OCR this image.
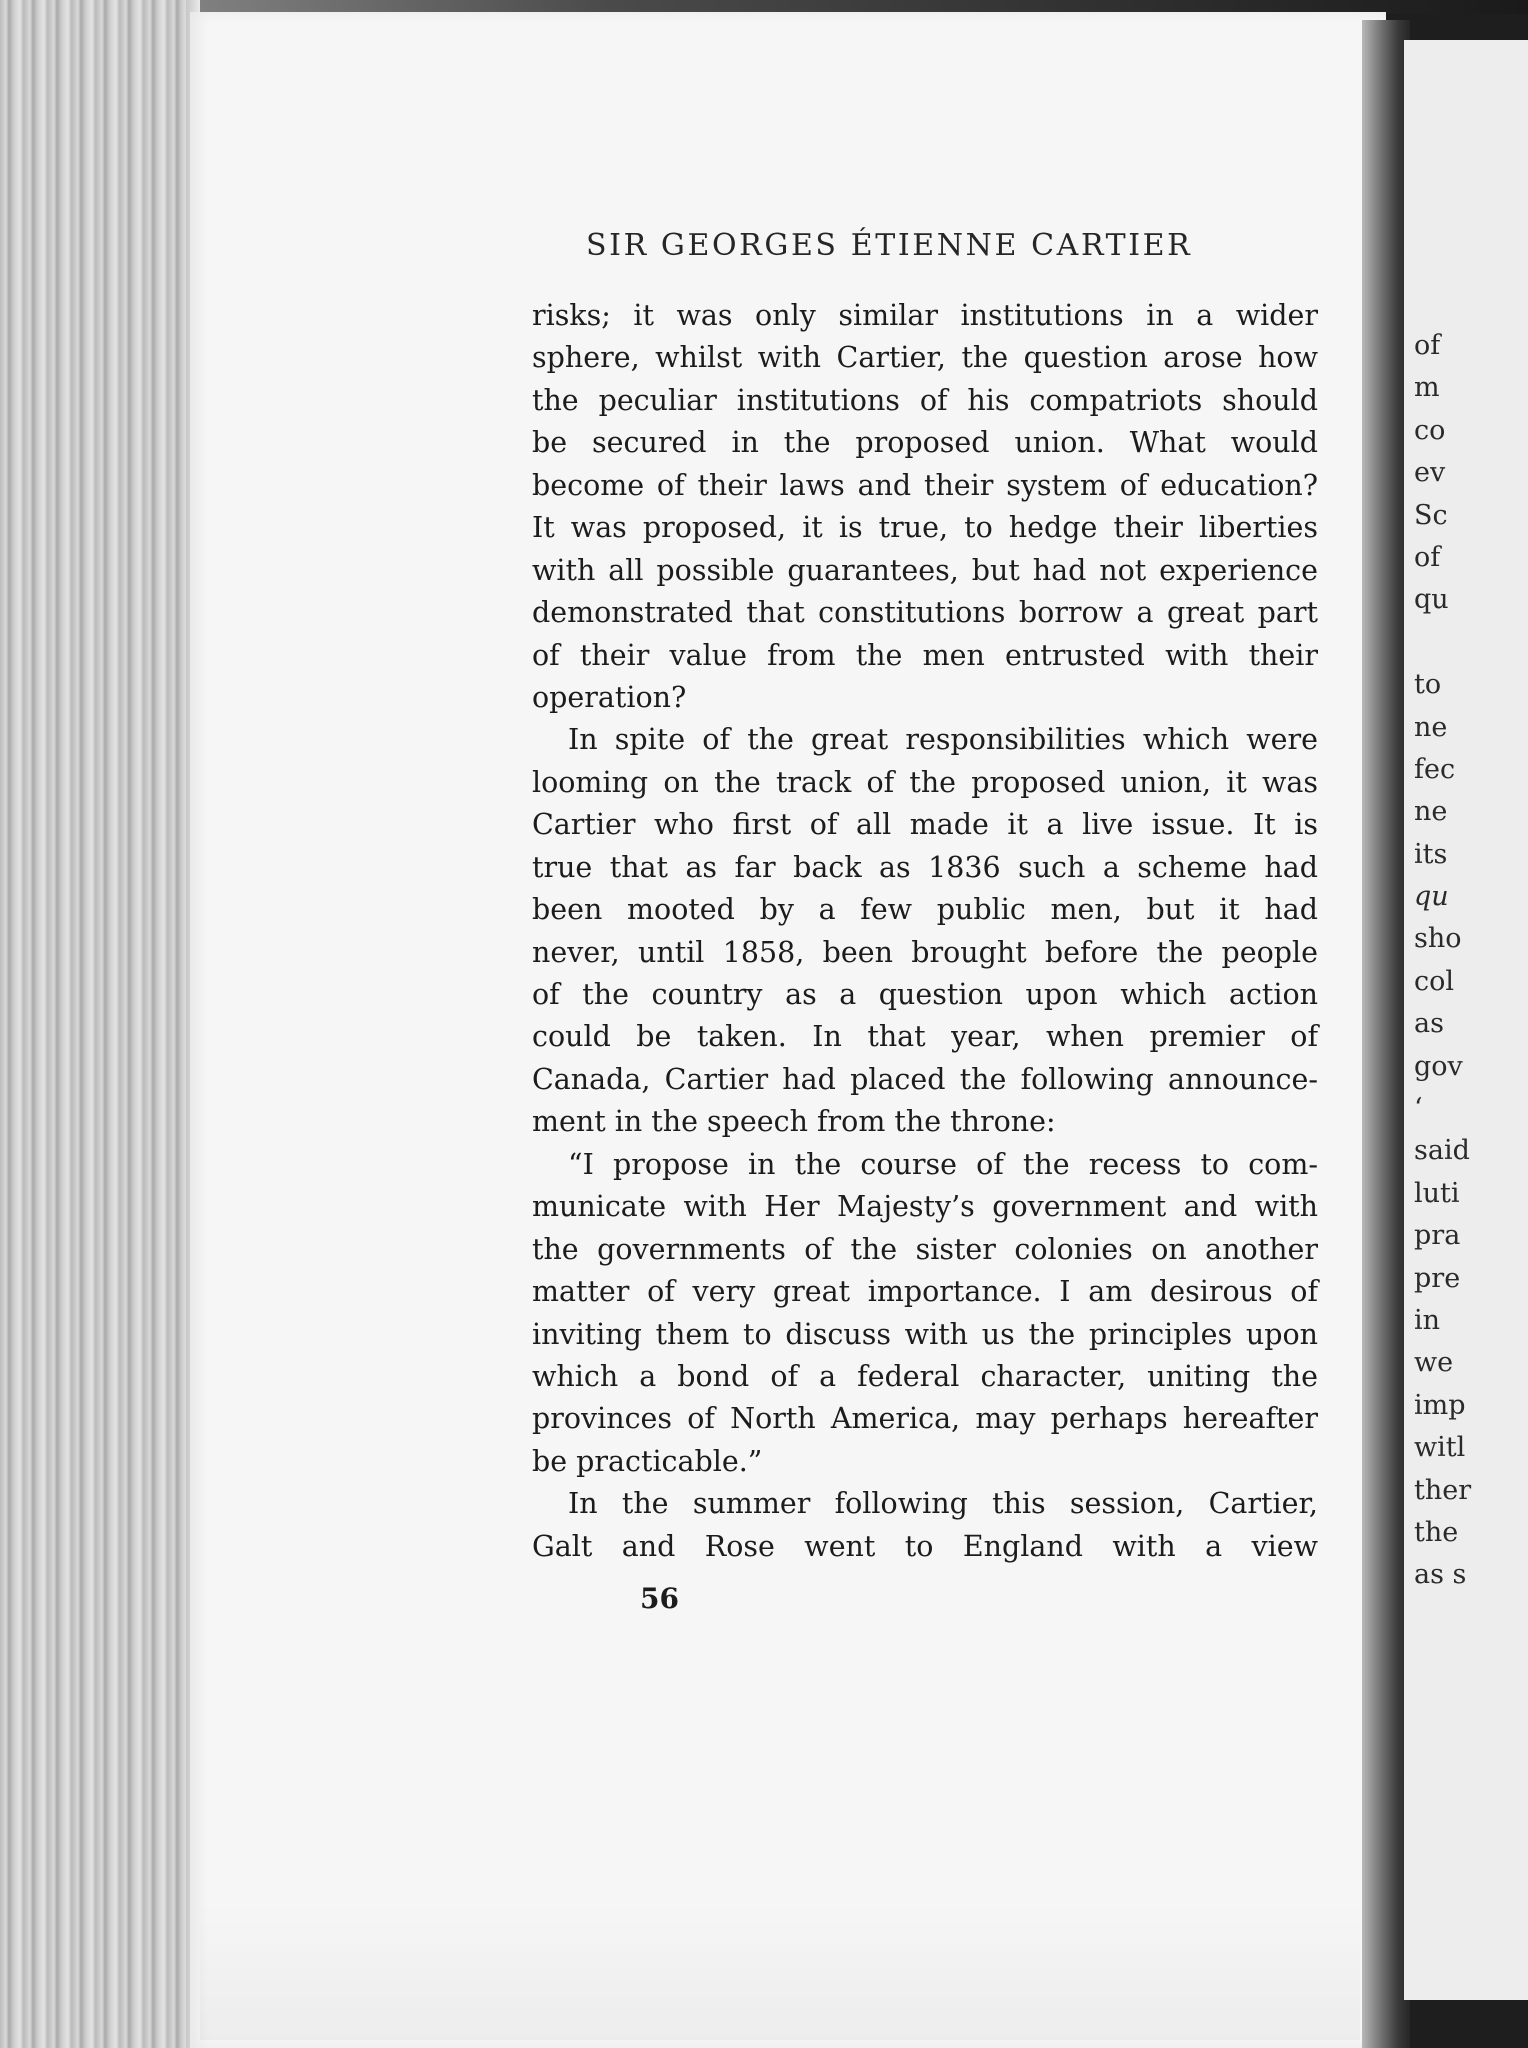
of
m
co
ev
Sc
of
qu
to
ne
fec
ne
its
qu
sho
col
as
gov
‘
said
luti
pra
pre
in
we
imp
witl
ther
the
as s
SIR GEORGES ÉTIENNE CARTIER
risks; it was only similar institutions in a wider
sphere, whilst with Cartier, the question arose how
the peculiar institutions of his compatriots should
be secured in the proposed union. What would
become of their laws and their system of education?
It was proposed, it is true, to hedge their liberties
with all possible guarantees, but had not experience
demonstrated that constitutions borrow a great part
of their value from the men entrusted with their
operation?
In spite of the great responsibilities which were
looming on the track of the proposed union, it was
Cartier who first of all made it a live issue. It is
true that as far back as 1836 such a scheme had
been mooted by a few public men, but it had
never, until 1858, been brought before the people
of the country as a question upon which action
could be taken. In that year, when premier of
Canada, Cartier had placed the following announce-
ment in the speech from the throne:
“I propose in the course of the recess to com-
municate with Her Majesty’s government and with
the governments of the sister colonies on another
matter of very great importance. I am desirous of
inviting them to discuss with us the principles upon
which a bond of a federal character, uniting the
provinces of North America, may perhaps hereafter
be practicable.”
In the summer following this session, Cartier,
Galt and Rose went to England with a view
56
